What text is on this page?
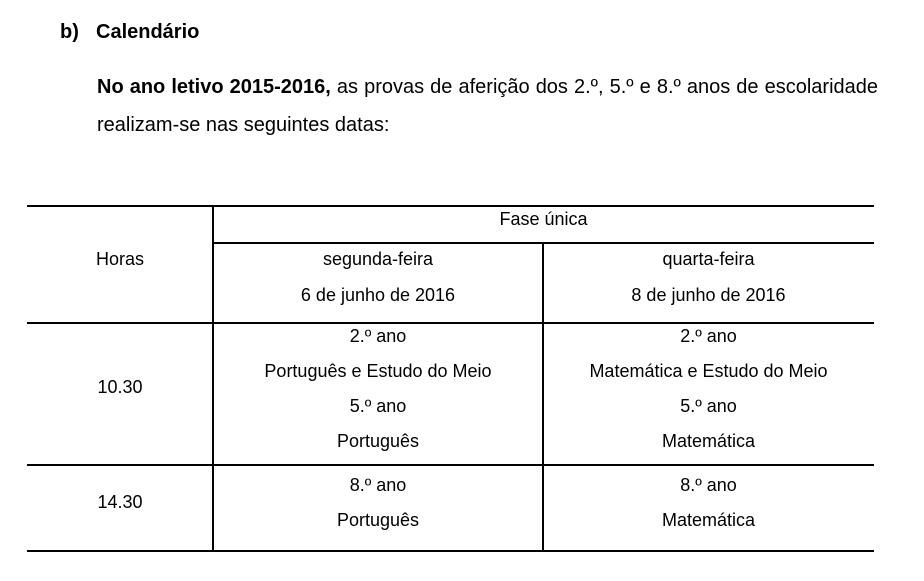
b) Calendário
No ano letivo 2015-2016, as provas de aferição dos 2.º, 5.º e 8.º anos de escolaridade realizam-se nas seguintes datas:
Horas
Fase única
segunda-feira
6 de junho de 2016
quarta-feira
8 de junho de 2016
10.30
2.º ano
Português e Estudo do Meio
5.º ano
Português
2.º ano
Matemática e Estudo do Meio
5.º ano
Matemática
14.30
8.º ano
Português
8.º ano
Matemática
